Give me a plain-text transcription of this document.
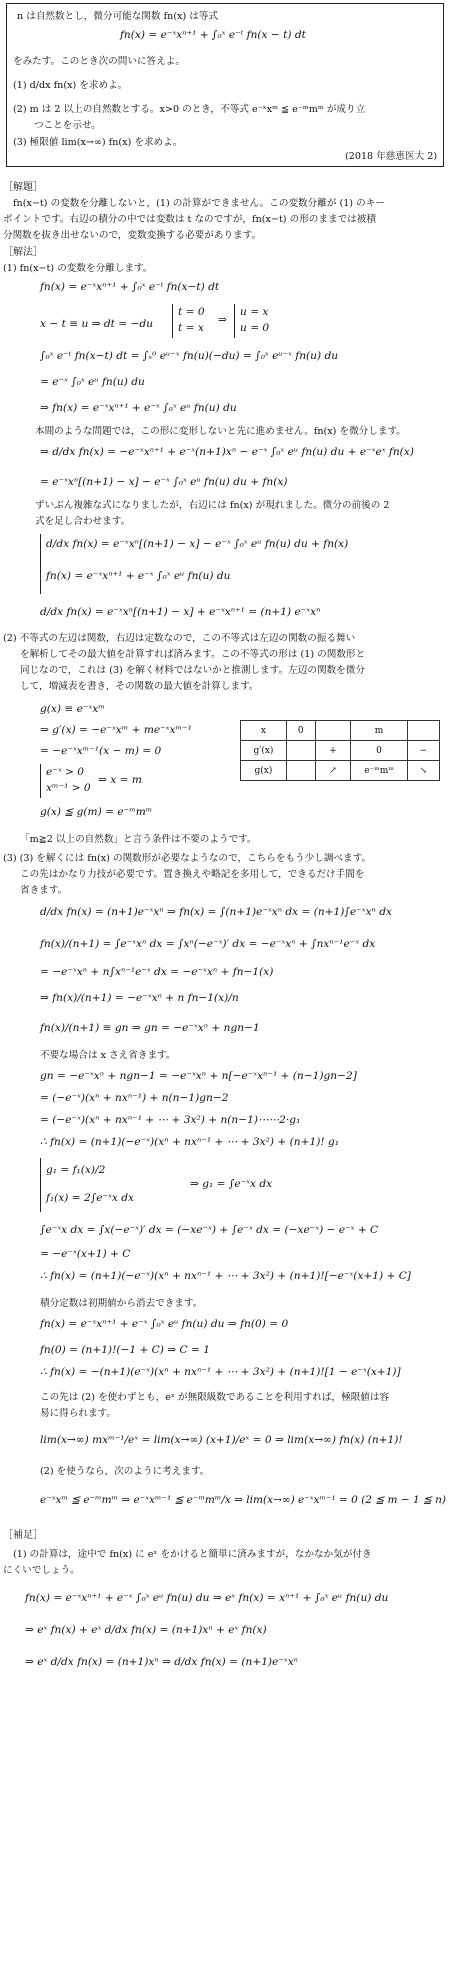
n は自然数とし，微分可能な関数 fn(x) は等式
fn(x) = e⁻ˣxⁿ⁺¹ + ∫₀ˣ e⁻ᵗ fn(x − t) dt
をみたす。このとき次の問いに答えよ。
(1) d/dx fn(x) を求めよ。
(2) m は 2 以上の自然数とする。x>0 のとき，不等式 e⁻ˣxᵐ ≦ e⁻ᵐmᵐ が成り立
つことを示せ。
(3) 極限値 lim(x→∞) fn(x) を求めよ。
(2018 年慈恵医大 2)
［解題］
fn(x−t) の変数を分離しないと，(1) の計算ができません。この変数分離が (1) のキー
ポイントです。右辺の積分の中では変数は t なのですが，fn(x−t) の形のままでは被積
分関数を抜き出せないので，変数変換する必要があります。
［解法］
(1) fn(x−t) の変数を分離します。
fn(x) = e⁻ˣxⁿ⁺¹ + ∫₀ˣ e⁻ᵗ fn(x−t) dt
x − t ≡ u ⇒ dt = −du
t = 0
t = x
⇒
u = x
u = 0
∫₀ˣ e⁻ᵗ fn(x−t) dt = ∫ₓ⁰ eᵘ⁻ˣ fn(u)(−du) = ∫₀ˣ eᵘ⁻ˣ fn(u) du
= e⁻ˣ ∫₀ˣ eᵘ fn(u) du
⇒ fn(x) = e⁻ˣxⁿ⁺¹ + e⁻ˣ ∫₀ˣ eᵘ fn(u) du
本間のような問題では，この形に変形しないと先に進めません。fn(x) を微分します。
⇒ d/dx fn(x) = −e⁻ˣxⁿ⁺¹ + e⁻ˣ(n+1)xⁿ − e⁻ˣ ∫₀ˣ eᵘ fn(u) du + e⁻ˣeˣ fn(x)
= e⁻ˣxⁿ[(n+1) − x] − e⁻ˣ ∫₀ˣ eᵘ fn(u) du + fn(x)
ずいぶん複雑な式になりましたが，右辺には fn(x) が現れました。微分の前後の 2
式を足し合わせます。
d/dx fn(x) = e⁻ˣxⁿ[(n+1) − x] − e⁻ˣ ∫₀ˣ eᵘ fn(u) du + fn(x)
fn(x) = e⁻ˣxⁿ⁺¹ + e⁻ˣ ∫₀ˣ eᵘ fn(u) du
d/dx fn(x) = e⁻ˣxⁿ[(n+1) − x] + e⁻ˣxⁿ⁺¹ = (n+1) e⁻ˣxⁿ
(2) 不等式の左辺は関数，右辺は定数なので，この不等式は左辺の関数の振る舞い
を解析してその最大値を計算すれば済みます。この不等式の形は (1) の関数形と
同じなので，これは (3) を解く材料ではないかと推測します。左辺の関数を微分
して，増減表を書き，その関数の最大値を計算します。
g(x) ≡ e⁻ˣxᵐ
⇒ g′(x) = −e⁻ˣxᵐ + me⁻ˣxᵐ⁻¹
= −e⁻ˣxᵐ⁻¹(x − m) = 0
e⁻ˣ > 0
xᵐ⁻¹ > 0
⇒ x = m
g(x) ≦ g(m) = e⁻ᵐmᵐ
x	0		m	
g′(x)		+	0	−
g(x)		↗	e⁻ᵐmᵐ	↘
「m≧2 以上の自然数」と言う条件は不要のようです。
(3) (3) を解くには fn(x) の関数形が必要なようなので，こちらをもう少し調べます。
この先はかなり力技が必要です。置き換えや略記を多用して，できるだけ手間を
省きます。
d/dx fn(x) = (n+1)e⁻ˣxⁿ ⇒ fn(x) = ∫(n+1)e⁻ˣxⁿ dx = (n+1)∫e⁻ˣxⁿ dx
fn(x)/(n+1) = ∫e⁻ˣxⁿ dx = ∫xⁿ(−e⁻ˣ)′ dx = −e⁻ˣxⁿ + ∫nxⁿ⁻¹e⁻ˣ dx
= −e⁻ˣxⁿ + n∫xⁿ⁻¹e⁻ˣ dx = −e⁻ˣxⁿ + fn−1(x)
⇒ fn(x)/(n+1) = −e⁻ˣxⁿ + n fn−1(x)/n
fn(x)/(n+1) ≡ gn ⇒ gn = −e⁻ˣxⁿ + ngn−1
不要な場合は x さえ省きます。
gn = −e⁻ˣxⁿ + ngn−1 = −e⁻ˣxⁿ + n[−e⁻ˣxⁿ⁻¹ + (n−1)gn−2]
= (−e⁻ˣ)(xⁿ + nxⁿ⁻¹) + n(n−1)gn−2
= (−e⁻ˣ)(xⁿ + nxⁿ⁻¹ + ⋯ + 3x²) + n(n−1)⋯⋯2·g₁
∴ fn(x) = (n+1)(−e⁻ˣ)(xⁿ + nxⁿ⁻¹ + ⋯ + 3x²) + (n+1)! g₁
g₁ = f₁(x)/2
f₁(x) = 2∫e⁻ˣx dx
⇒ g₁ = ∫e⁻ˣx dx
∫e⁻ˣx dx = ∫x(−e⁻ˣ)′ dx = (−xe⁻ˣ) + ∫e⁻ˣ dx = (−xe⁻ˣ) − e⁻ˣ + C
= −e⁻ˣ(x+1) + C
∴ fn(x) = (n+1)(−e⁻ˣ)(xⁿ + nxⁿ⁻¹ + ⋯ + 3x²) + (n+1)![−e⁻ˣ(x+1) + C]
積分定数は初期値から消去できます。
fn(x) = e⁻ˣxⁿ⁺¹ + e⁻ˣ ∫₀ˣ eᵘ fn(u) du ⇒ fn(0) = 0
fn(0) = (n+1)!(−1 + C) ⇒ C = 1
∴ fn(x) = −(n+1)(e⁻ˣ)(xⁿ + nxⁿ⁻¹ + ⋯ + 3x²) + (n+1)![1 − e⁻ˣ(x+1)]
この先は (2) を使わずとも，eˣ が無限級数であることを利用すれば，極限値は容
易に得られます。
lim(x→∞) mxᵐ⁻¹/eˣ = lim(x→∞) (x+1)/eˣ = 0 ⇒ lim(x→∞) fn(x) (n+1)!
(2) を使うなら，次のように考えます。
e⁻ˣxᵐ ≦ e⁻ᵐmᵐ ⇒ e⁻ˣxᵐ⁻¹ ≦ e⁻ᵐmᵐ/x ⇒ lim(x→∞) e⁻ˣxᵐ⁻¹ = 0 (2 ≦ m − 1 ≦ n)
［補足］
(1) の計算は，途中で fn(x) に eˣ をかけると簡単に済みますが，なかなか気が付き
にくいでしょう。
fn(x) = e⁻ˣxⁿ⁺¹ + e⁻ˣ ∫₀ˣ eᵘ fn(u) du ⇒ eˣ fn(x) = xⁿ⁺¹ + ∫₀ˣ eᵘ fn(u) du
⇒ eˣ fn(x) + eˣ d/dx fn(x) = (n+1)xⁿ + eˣ fn(x)
⇒ eˣ d/dx fn(x) = (n+1)xⁿ ⇒ d/dx fn(x) = (n+1)e⁻ˣxⁿ
